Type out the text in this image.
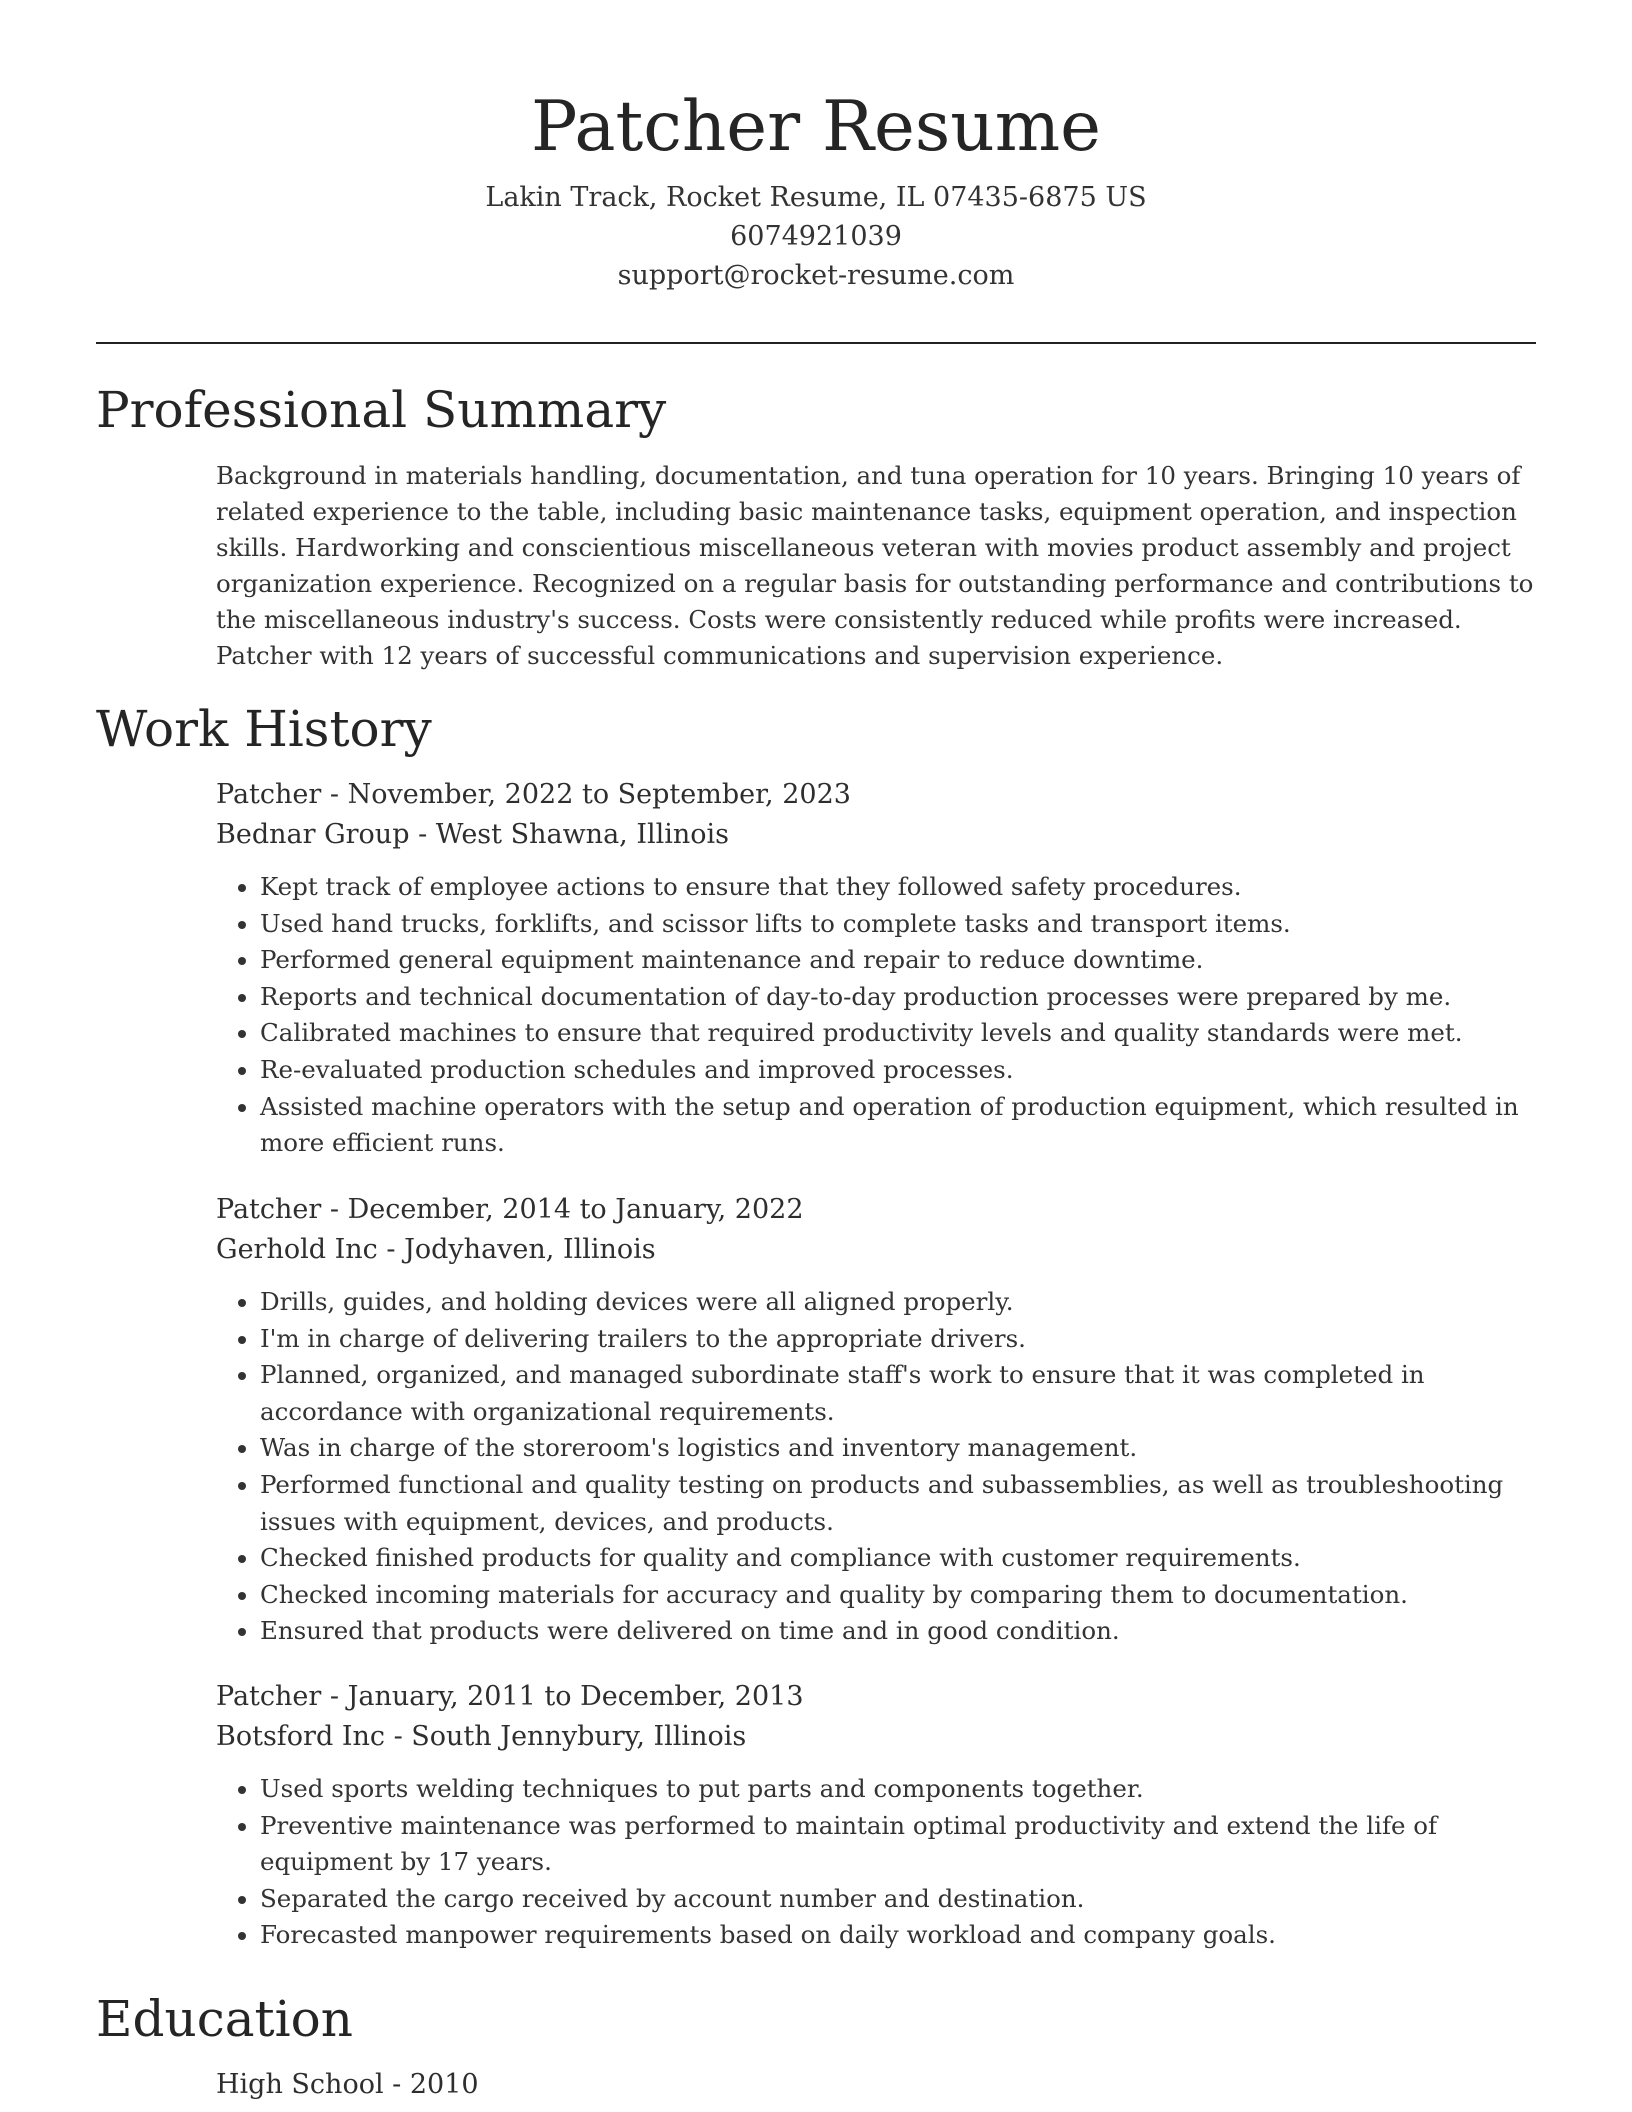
Patcher Resume
Lakin Track, Rocket Resume, IL 07435-6875 US
6074921039
support@rocket-resume.com
Professional Summary

Background in materials handling, documentation, and tuna operation for 10 years. Bringing 10 years of related experience to the table, including basic maintenance tasks, equipment operation, and inspection skills. Hardworking and conscientious miscellaneous veteran with movies product assembly and project organization experience. Recognized on a regular basis for outstanding performance and contributions to the miscellaneous industry's success. Costs were consistently reduced while profits were increased. Patcher with 12 years of successful communications and supervision experience.

Work History
Patcher - November, 2022 to September, 2023
Bednar Group - West Shawna, Illinois
• Kept track of employee actions to ensure that they followed safety procedures.
• Used hand trucks, forklifts, and scissor lifts to complete tasks and transport items.
• Performed general equipment maintenance and repair to reduce downtime.
• Reports and technical documentation of day-to-day production processes were prepared by me.
• Calibrated machines to ensure that required productivity levels and quality standards were met.
• Re-evaluated production schedules and improved processes.
• Assisted machine operators with the setup and operation of production equipment, which resulted in more efficient runs.
Patcher - December, 2014 to January, 2022
Gerhold Inc - Jodyhaven, Illinois
• Drills, guides, and holding devices were all aligned properly.
• I'm in charge of delivering trailers to the appropriate drivers.
• Planned, organized, and managed subordinate staff's work to ensure that it was completed in accordance with organizational requirements.
• Was in charge of the storeroom's logistics and inventory management.
• Performed functional and quality testing on products and subassemblies, as well as troubleshooting issues with equipment, devices, and products.
• Checked finished products for quality and compliance with customer requirements.
• Checked incoming materials for accuracy and quality by comparing them to documentation.
• Ensured that products were delivered on time and in good condition.
Patcher - January, 2011 to December, 2013
Botsford Inc - South Jennybury, Illinois
• Used sports welding techniques to put parts and components together.
• Preventive maintenance was performed to maintain optimal productivity and extend the life of equipment by 17 years.
• Separated the cargo received by account number and destination.
• Forecasted manpower requirements based on daily workload and company goals.
Education
High School - 2010
